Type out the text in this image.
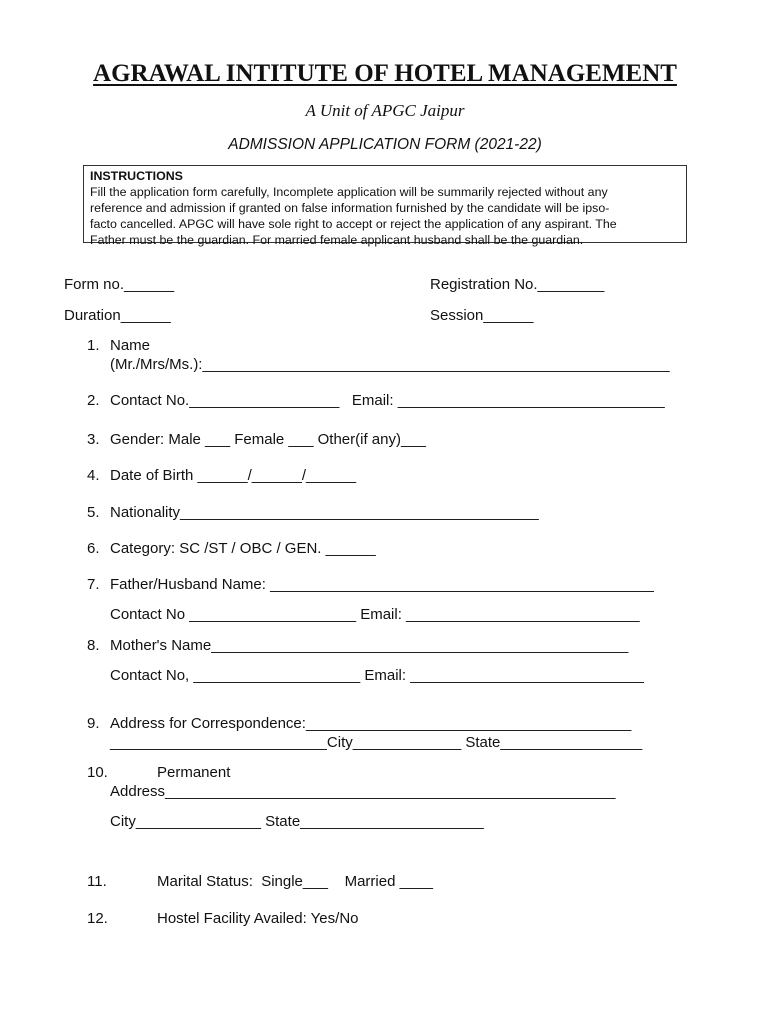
AGRAWAL INTITUTE OF HOTEL MANAGEMENT
A Unit of APGC Jaipur
ADMISSION APPLICATION FORM (2021-22)
INSTRUCTIONS
Fill the application form carefully, Incomplete application will be summarily rejected without any
reference and admission if granted on false information furnished by the candidate will be ipso-
facto cancelled. APGC will have sole right to accept or reject the application of any aspirant. The
Father must be the guardian. For married female applicant husband shall be the guardian.
Form no.______	Registration No.________
Duration______	Session______
1. Name
(Mr./Mrs/Ms.):________________________________________________________
2. Contact No.__________________   Email: ________________________________
3. Gender: Male ___ Female ___ Other(if any)___
4. Date of Birth ______/______/______
5. Nationality___________________________________________
6. Category: SC /ST / OBC / GEN. ______
7. Father/Husband Name: ______________________________________________
Contact No ____________________ Email: ____________________________
8. Mother's Name__________________________________________________
Contact No, ____________________ Email: ____________________________
9. Address for Correspondence:_______________________________________
__________________________City_____________ State_________________
10.	Permanent
Address______________________________________________________
City_______________ State______________________
11.	Marital Status:  Single___    Married ____
12.	Hostel Facility Availed: Yes/No
